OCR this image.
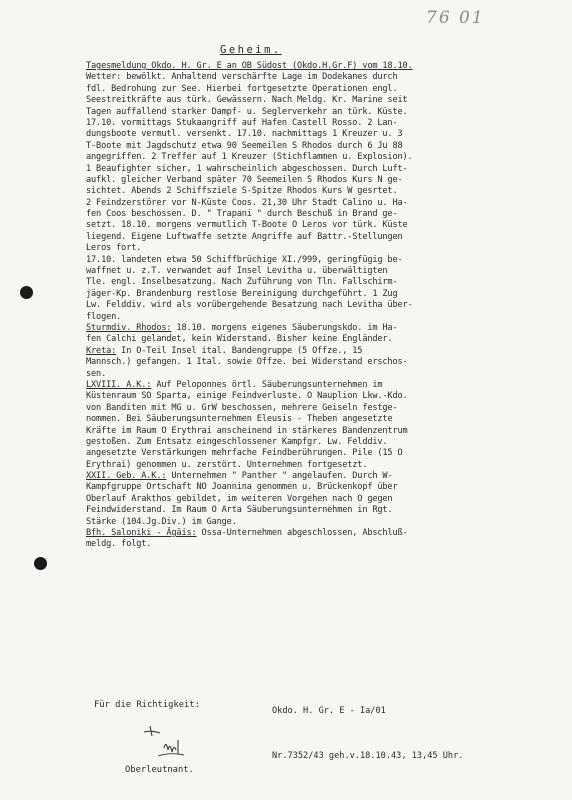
76 01
Geheim.
Tagesmeldung Okdo. H. Gr. E an OB Südost (Okdo.H.Gr.F) vom 18.10.
Wetter: bewölkt. Anhaltend verschärfte Lage im Dodekanes durch
fdl. Bedrohung zur See. Hierbei fortgesetzte Operationen engl.
Seestreitkräfte aus türk. Gewässern. Nach Meldg. Kr. Marine seit
Tagen auffallend starker Dampf- u. Seglerverkehr an türk. Küste.
17.10. vormittags Stukaangriff auf Hafen Castell Rosso. 2 Lan-
dungsboote vermutl. versenkt. 17.10. nachmittags 1 Kreuzer u. 3
T-Boote mit Jagdschutz etwa 90 Seemeilen S Rhodos durch 6 Ju 88
angegriffen. 2 Treffer auf 1 Kreuzer (Stichflammen u. Explosion).
1 Beaufighter sicher, 1 wahrscheinlich abgeschossen. Durch Luft-
aufkl. gleicher Verband später 70 Seemeilen S Rhodos Kurs N ge-
sichtet. Abends 2 Schiffsziele S-Spitze Rhodos Kurs W gesrtet.
2 Feindzerstörer vor N-Küste Coos. 21,30 Uhr Stadt Calino u. Ha-
fen Coos beschossen. D. " Trapani " durch Beschuß in Brand ge-
setzt. 18.10. morgens vermutlich T-Boote O Leros vor türk. Küste
liegend. Eigene Luftwaffe setzte Angriffe auf Battr.-Stellungen
Leros fort.
17.10. landeten etwa 50 Schiffbrüchige XI./999, geringfügig be-
waffnet u. z.T. verwandet auf Insel Levitha u. überwältigten
Tle. engl. Inselbesatzung. Nach Zuführung von Tln. Fallschirm-
jäger-Kp. Brandenburg restlose Bereinigung durchgeführt. 1 Zug
Lw. Felddiv. wird als vorübergehende Besatzung nach Levitha über-
flogen.
Sturmdiv. Rhodos: 18.10. morgens eigenes Säuberungskdo. im Ha-
fen Calchi gelandet, kein Widerstand. Bisher keine Engländer.
Kreta: In O-Teil Insel ital. Bandengruppe (5 Offze., 15
Mannsch.) gefangen. 1 Ital. sowie Offze. bei Widerstand erschos-
sen.
LXVIII. A.K.: Auf Peloponnes örtl. Säuberungsunternehmen im
Küstenraum SO Sparta, einige Feindverluste. O Nauplion Lkw.-Kdo.
von Banditen mit MG u. GrW beschossen, mehrere Geiseln festge-
nommen. Bei Säuberungsunternehmen Eleusis - Theben angesetzte
Kräfte im Raum O Erythrai anscheinend in stärkeres Bandenzentrum
gestoßen. Zum Entsatz eingeschlossener Kampfgr. Lw. Felddiv.
angesetzte Verstärkungen mehrfache Feindberührungen. Pile (15 O
Erythrai) genommen u. zerstört. Unternehmen fortgesetzt.
XXII. Geb. A.K.: Unternehmen " Panther " angelaufen. Durch W-
Kampfgruppe Ortschaft NO Joannina genommen u. Brückenkopf über
Oberlauf Arakthos gebildet, im weiteren Vorgehen nach O gegen
Feindwiderstand. Im Raum O Arta Säuberungsunternehmen in Rgt.
Stärke (104.Jg.Div.) im Gange.
Bfh. Saloniki - Ägäis: Ossa-Unternehmen abgeschlossen, Abschluß-
meldg. folgt.

Okdo. H. Gr. E - Ia/01

Nr.7352/43 geh.v.18.10.43, 13,45 Uhr.

Für die Richtigkeit:
Oberleutnant.
